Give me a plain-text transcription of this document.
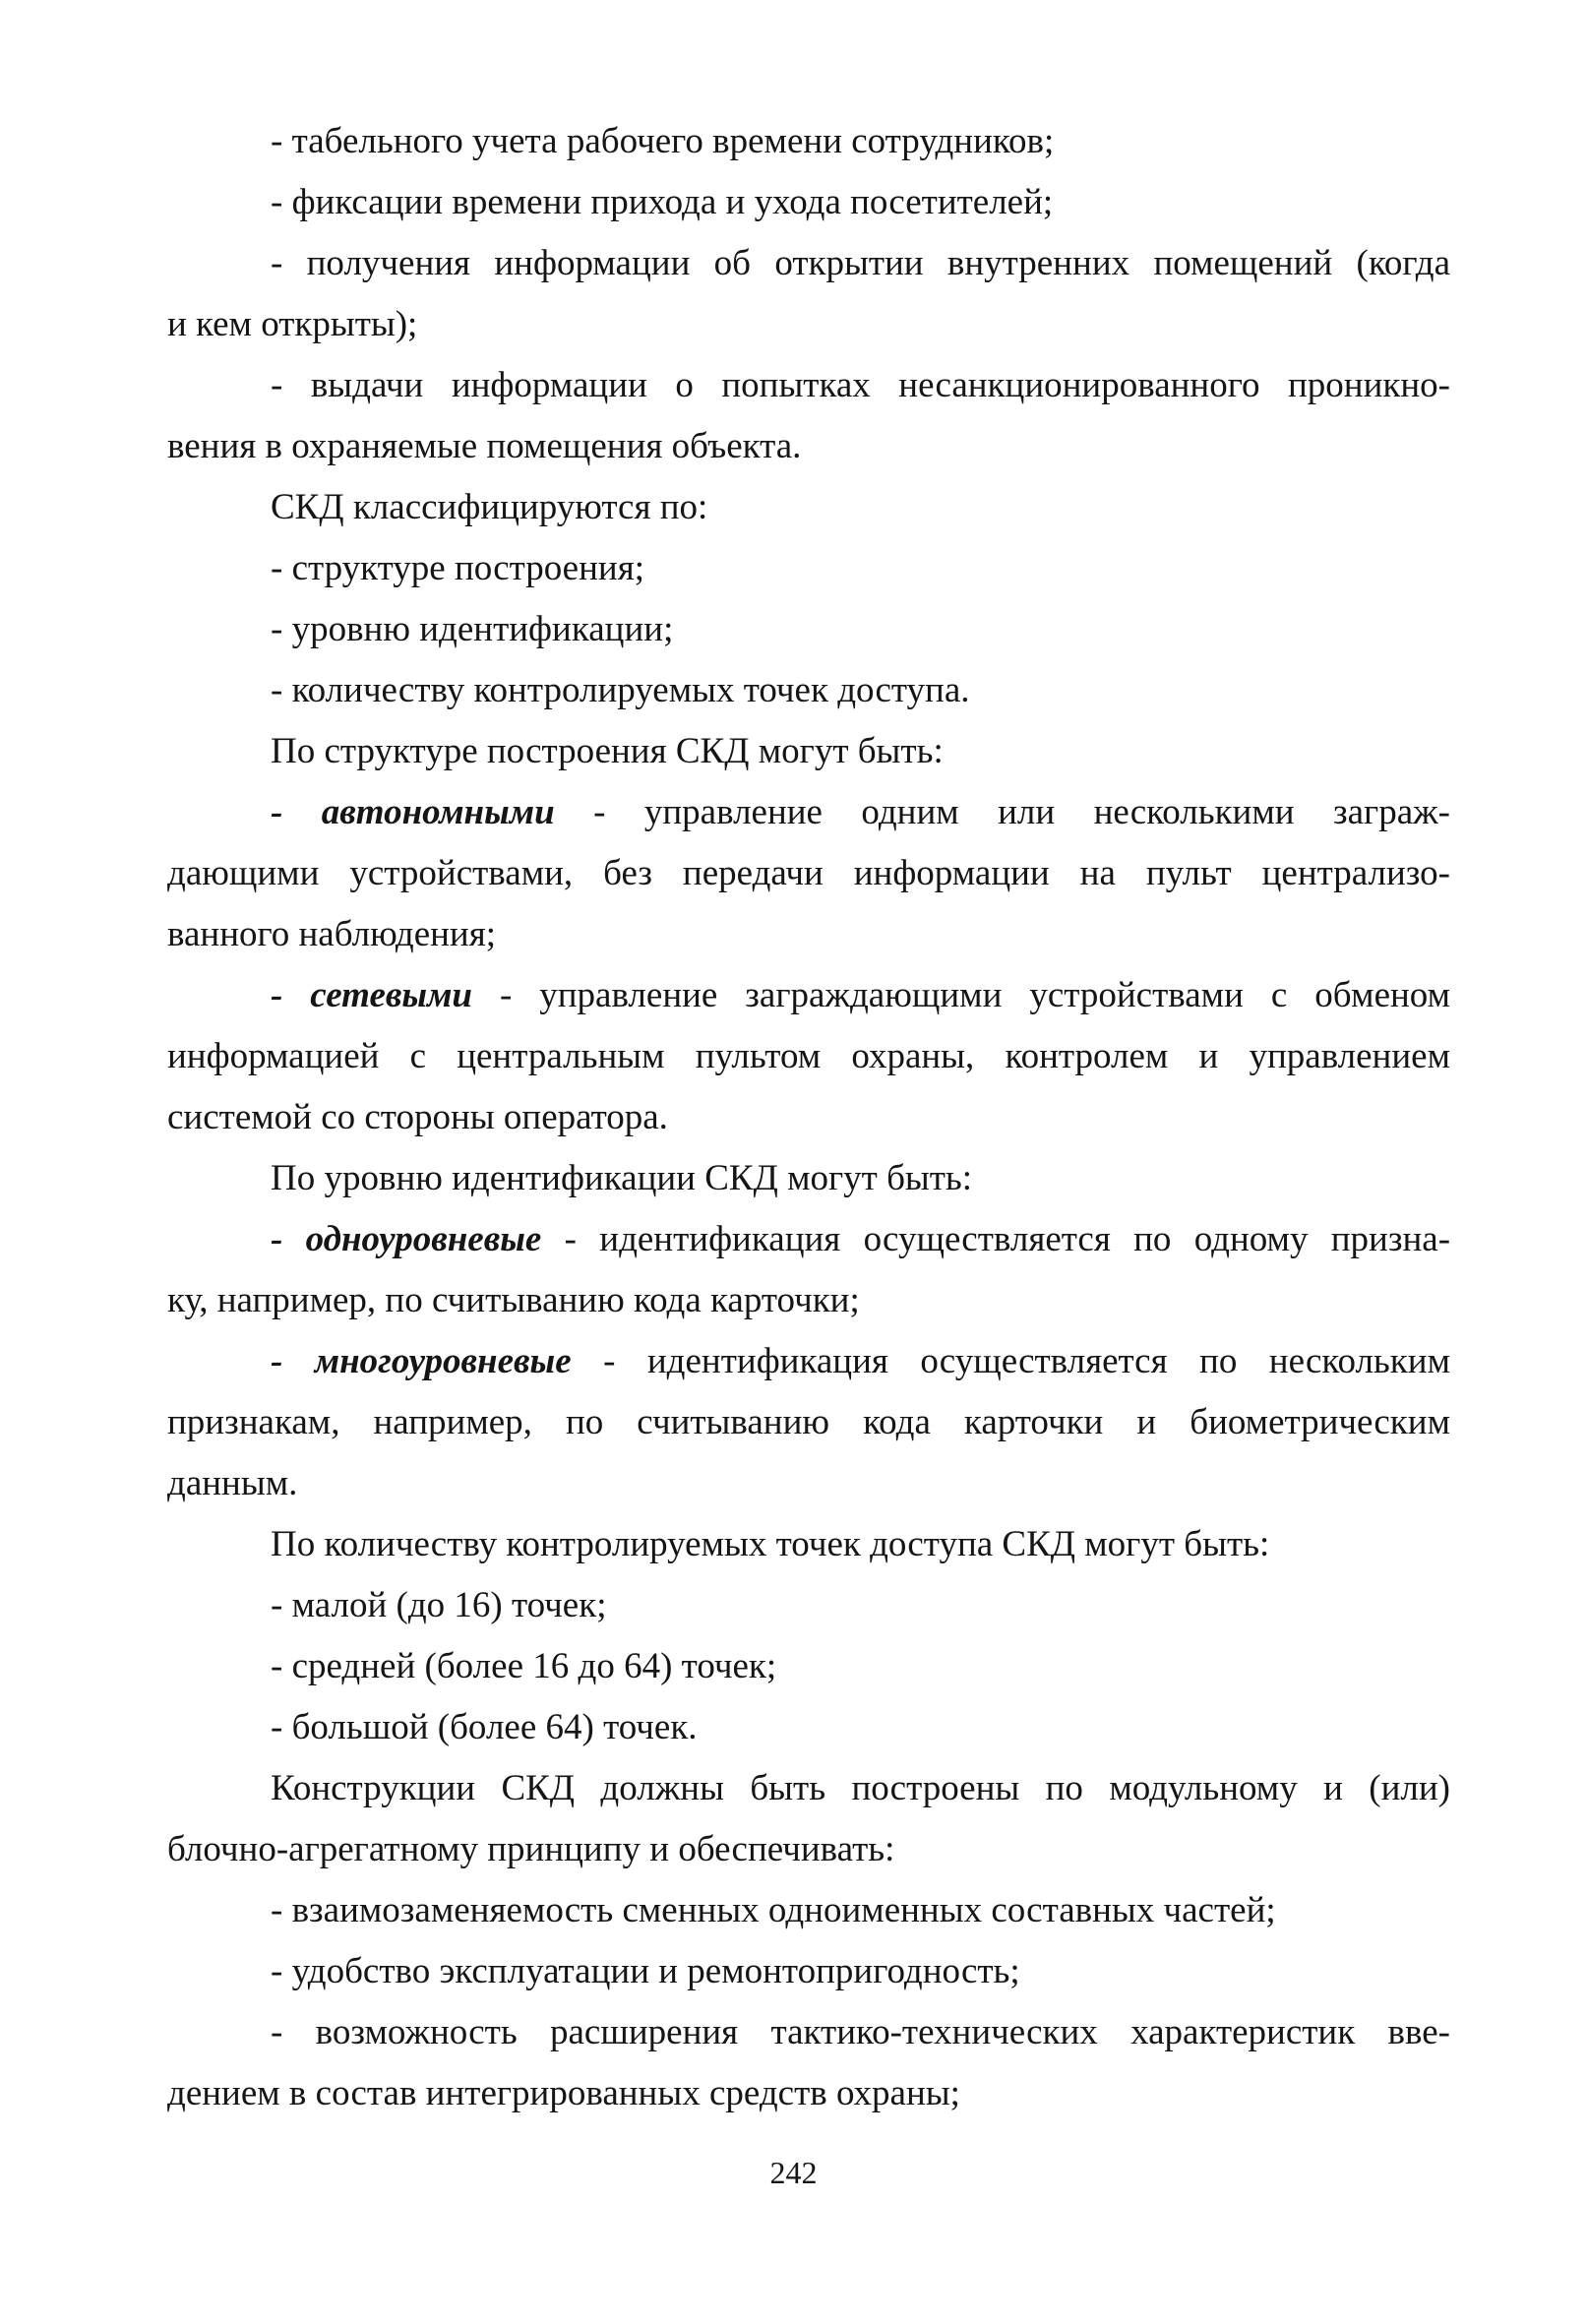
- табельного учета рабочего времени сотрудников;
- фиксации времени прихода и ухода посетителей;
- получения информации об открытии внутренних помещений (когда
и кем открыты);
- выдачи информации о попытках несанкционированного проникно-
вения в охраняемые помещения объекта.
СКД классифицируются по:
- структуре построения;
- уровню идентификации;
- количеству контролируемых точек доступа.
По структуре построения СКД могут быть:
- автономными - управление одним или несколькими заграж-
дающими устройствами, без передачи информации на пульт централизо-
ванного наблюдения;
- сетевыми - управление заграждающими устройствами с обменом
информацией с центральным пультом охраны, контролем и управлением
системой со стороны оператора.
По уровню идентификации СКД могут быть:
- одноуровневые - идентификация осуществляется по одному призна-
ку, например, по считыванию кода карточки;
- многоуровневые - идентификация осуществляется по нескольким
признакам, например, по считыванию кода карточки и биометрическим
данным.
По количеству контролируемых точек доступа СКД могут быть:
- малой (до 16) точек;
- средней (более 16 до 64) точек;
- большой (более 64) точек.
Конструкции СКД должны быть построены по модульному и (или)
блочно-агрегатному принципу и обеспечивать:
- взаимозаменяемость сменных одноименных составных частей;
- удобство эксплуатации и ремонтопригодность;
- возможность расширения тактико-технических характеристик вве-
дением в состав интегрированных средств охраны;
242
